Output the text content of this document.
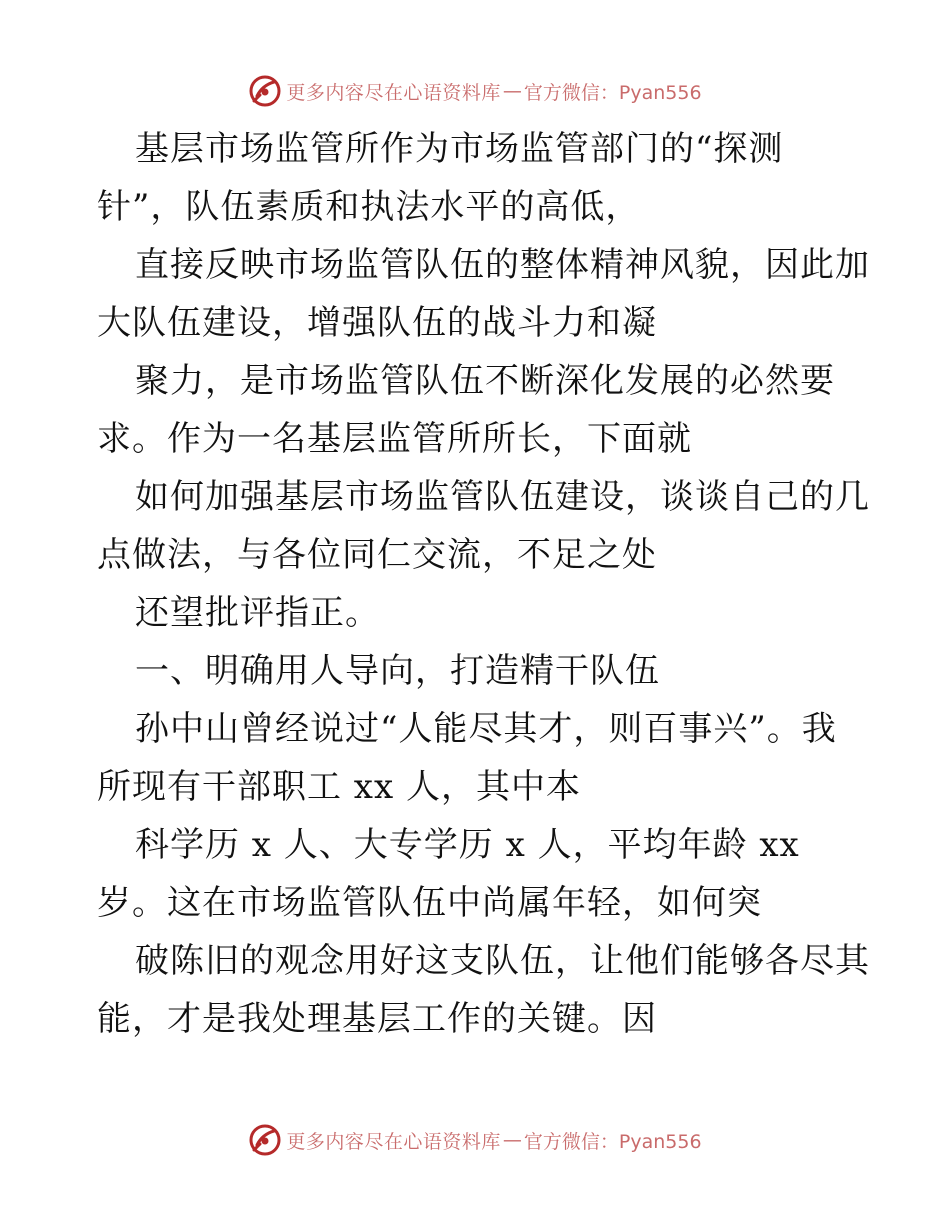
更多内容尽在心语资料库 — 官方微信：Pyan556
基层市场监管所作为市场监管部门的“探测
针”，队伍素质和执法水平的高低，
直接反映市场监管队伍的整体精神风貌，因此加
大队伍建设，增强队伍的战斗力和凝
聚力，是市场监管队伍不断深化发展的必然要
求。作为一名基层监管所所长，下面就
如何加强基层市场监管队伍建设，谈谈自己的几
点做法，与各位同仁交流，不足之处
还望批评指正。
一、明确用人导向，打造精干队伍
孙中山曾经说过“人能尽其才，则百事兴”。我
所现有干部职工 xx 人，其中本
科学历 x 人、大专学历 x 人，平均年龄 xx
岁。这在市场监管队伍中尚属年轻，如何突
破陈旧的观念用好这支队伍，让他们能够各尽其
能，才是我处理基层工作的关键。因
更多内容尽在心语资料库 — 官方微信：Pyan556
